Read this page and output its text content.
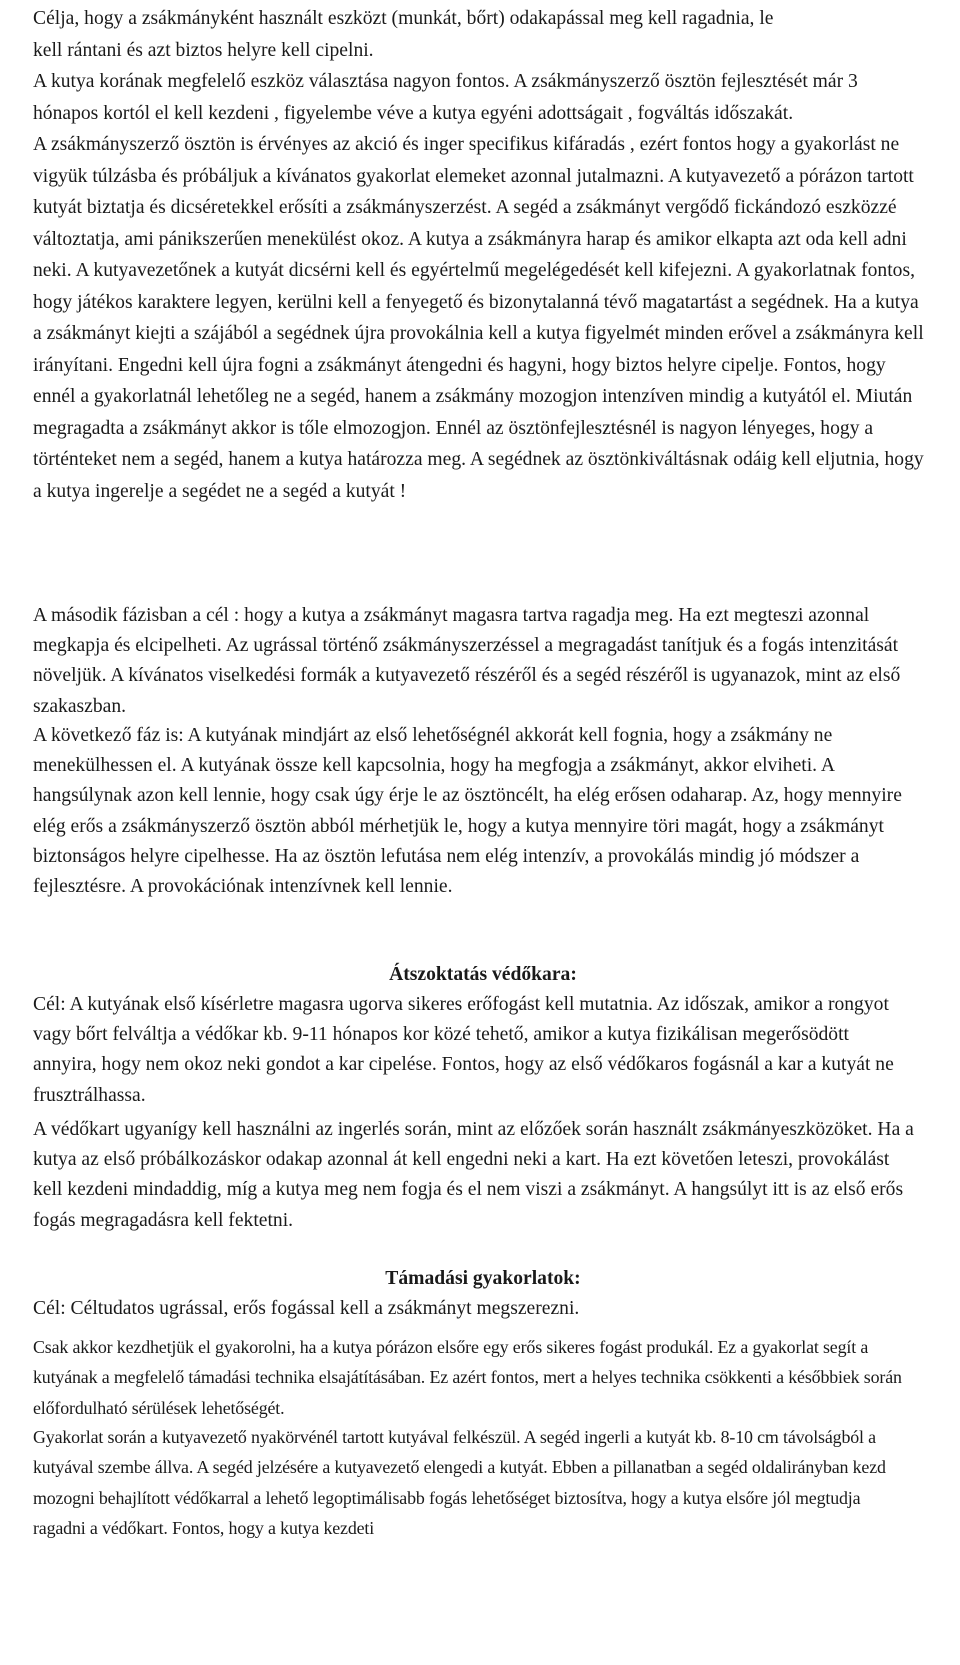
Célja, hogy a zsákmányként használt eszközt (munkát, bőrt) odakapással meg kell ragadnia, le kell rántani és azt biztos helyre kell cipelni.

A kutya korának megfelelő eszköz választása nagyon fontos. A zsákmányszerző ösztön fejlesztését már 3 hónapos kortól el kell kezdeni , figyelembe véve a kutya egyéni adottságait , fogváltás időszakát.

A zsákmányszerző ösztön is érvényes az akció és inger specifikus kifáradás , ezért fontos hogy a gyakorlást ne vigyük túlzásba és próbáljuk a kívánatos gyakorlat elemeket azonnal jutalmazni. A kutyavezető a pórázon tartott kutyát biztatja és dicséretekkel erősíti a zsákmányszerzést. A segéd a zsákmányt vergődő fickándozó eszközzé változtatja, ami pánikszerűen menekülést okoz. A kutya a zsákmányra harap és amikor elkapta azt oda kell adni neki. A kutyavezetőnek a kutyát dicsérni kell és egyértelmű megelégedését kell kifejezni. A gyakorlatnak fontos, hogy játékos karaktere legyen, kerülni kell a fenyegető és bizonytalanná tévő magatartást a segédnek. Ha a kutya a zsákmányt kiejti a szájából a segédnek újra provokálnia kell a kutya figyelmét minden erővel a zsákmányra kell irányítani. Engedni kell újra fogni a zsákmányt átengedni és hagyni, hogy biztos helyre cipelje. Fontos, hogy ennél a gyakorlatnál lehetőleg ne a segéd, hanem a zsákmány mozogjon intenzíven mindig a kutyától el. Miután megragadta a zsákmányt akkor is tőle elmozogjon. Ennél az ösztönfejlesztésnél is nagyon lényeges, hogy a történteket nem a segéd, hanem a kutya határozza meg. A segédnek az ösztönkiváltásnak odáig kell eljutnia, hogy a kutya ingerelje a segédet ne a segéd a kutyát !

A második fázisban a cél : hogy a kutya a zsákmányt magasra tartva ragadja meg. Ha ezt megteszi azonnal megkapja és elcipelheti. Az ugrással történő zsákmányszerzéssel a megragadást tanítjuk és a fogás intenzitását növeljük. A kívánatos viselkedési formák a kutyavezető részéről és a segéd részéről is ugyanazok, mint az első szakaszban.

A következő fáz is: A kutyának mindjárt az első lehetőségnél akkorát kell fognia, hogy a zsákmány ne menekülhessen el. A kutyának össze kell kapcsolnia, hogy ha megfogja a zsákmányt, akkor elviheti. A hangsúlynak azon kell lennie, hogy csak úgy érje le az ösztöncélt, ha elég erősen odaharap. Az, hogy mennyire elég erős a zsákmányszerző ösztön abból mérhetjük le, hogy a kutya mennyire töri magát, hogy a zsákmányt biztonságos helyre cipelhesse. Ha az ösztön lefutása nem elég intenzív, a provokálás mindig jó módszer a fejlesztésre. A provokációnak intenzívnek kell lennie.

Átszoktatás védőkara:

Cél: A kutyának első kísérletre magasra ugorva sikeres erőfogást kell mutatnia. Az időszak, amikor a rongyot vagy bőrt felváltja a védőkar kb. 9-11 hónapos kor közé tehető, amikor a kutya fizikálisan megerősödött annyira, hogy nem okoz neki gondot a kar cipelése. Fontos, hogy az első védőkaros fogásnál a kar a kutyát ne frusztrálhassa.

A védőkart ugyanígy kell használni az ingerlés során, mint az előzőek során használt zsákmányeszközöket. Ha a kutya az első próbálkozáskor odakap azonnal át kell engedni neki a kart. Ha ezt követően leteszi, provokálást kell kezdeni mindaddig, míg a kutya meg nem fogja és el nem viszi a zsákmányt. A hangsúlyt itt is az első erős fogás megragadásra kell fektetni.

Támadási gyakorlatok:

Cél: Céltudatos ugrással, erős fogással kell a zsákmányt megszerezni.

Csak akkor kezdhetjük el gyakorolni, ha a kutya pórázon elsőre egy erős sikeres fogást produkál. Ez a gyakorlat segít a kutyának a megfelelő támadási technika elsajátításában. Ez azért fontos, mert a helyes technika csökkenti a későbbiek során előfordulható sérülések lehetőségét.

Gyakorlat során a kutyavezető nyakörvénél tartott kutyával felkészül. A segéd ingerli a kutyát kb. 8-10 cm távolságból a kutyával szembe állva. A segéd jelzésére a kutyavezető elengedi a kutyát. Ebben a pillanatban a segéd oldalirányban kezd mozogni behajlított védőkarral a lehető legoptimálisabb fogás lehetőséget biztosítva, hogy a kutya elsőre jól megtudja ragadni a védőkart. Fontos, hogy a kutya kezdeti
